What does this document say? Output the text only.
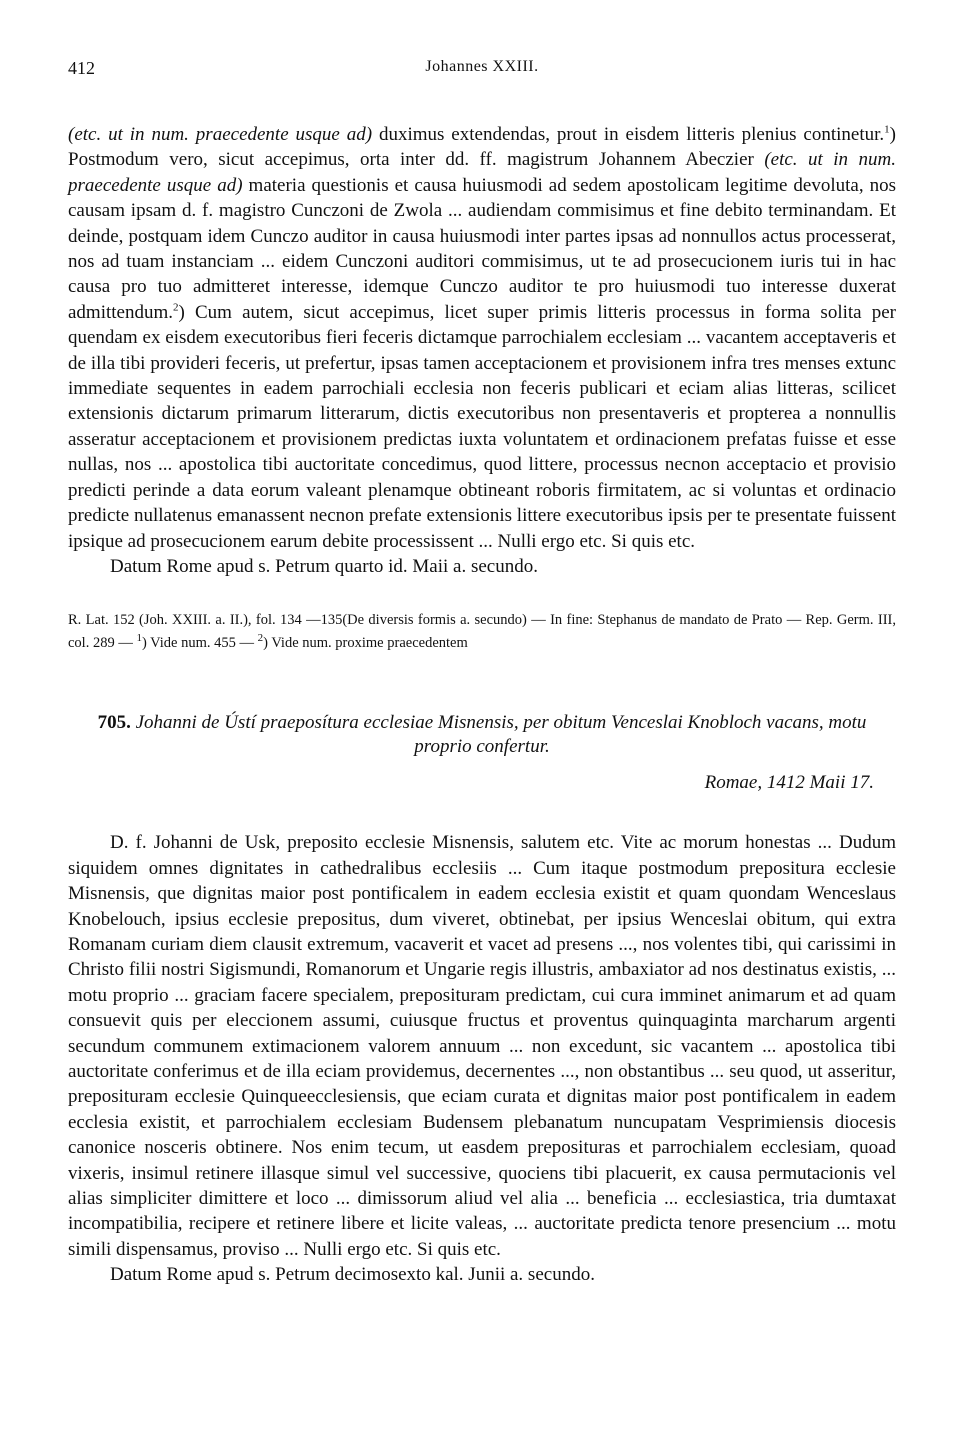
412	Johannes XXIII.

(etc. ut in num. praecedente usque ad) duximus extendendas, prout in eisdem litteris plenius continetur.$^1$) Postmodum vero, sicut accepimus, orta inter dd. ff. magistrum Johannem Abeczier (etc. ut in num. praecedente usque ad) materia questionis et causa huiusmodi ad sedem apostolicam legitime devoluta, nos causam ipsam d. f. magistro Cunczoni de Zwola ... audiendam commisimus et fine debito terminandam. Et deinde, postquam idem Cunczo auditor in causa huiusmodi inter partes ipsas ad nonnullos actus processerat, nos ad tuam instanciam ... eidem Cunczoni auditori commisimus, ut te ad prosecucionem iuris tui in hac causa pro tuo admitteret interesse, idemque Cunczo auditor te pro huiusmodi tuo interesse duxerat admittendum.$^2$) Cum autem, sicut accepimus, licet super primis litteris processus in forma solita per quendam ex eisdem executoribus fieri feceris dictamque parrochialem ecclesiam ... vacantem acceptaveris et de illa tibi provideri feceris, ut prefertur, ipsas tamen acceptacionem et provisionem infra tres menses extunc immediate sequentes in eadem parrochiali ecclesia non feceris publicari et eciam alias litteras, scilicet extensionis dictarum primarum litterarum, dictis executoribus non presentaveris et propterea a nonnullis asseratur acceptacionem et provisionem predictas iuxta voluntatem et ordinacionem prefatas fuisse et esse nullas, nos ... apostolica tibi auctoritate concedimus, quod littere, processus necnon acceptacio et provisio predicti perinde a data eorum valeant plenamque obtineant roboris firmitatem, ac si voluntas et ordinacio predicte nullatenus emanassent necnon prefate extensionis littere executoribus ipsis per te presentate fuissent ipsique ad prosecucionem earum debite processissent ... Nulli ergo etc. Si quis etc.

Datum Rome apud s. Petrum quarto id. Maii a. secundo.

R. Lat. 152 (Joh. XXIII. a. II.), fol. 134 —135(De diversis formis a. secundo) — In fine: Stephanus de mandato de Prato — Rep. Germ. III, col. 289 — $^1$) Vide num. 455 — $^2$) Vide num. proxime praecedentem
705. Johanni de Ústí praeposítura ecclesiae Misnensis, per obitum Venceslai Knobloch vacans, motu proprio confertur.
Romae, 1412 Maii 17.

D. f. Johanni de Usk, preposito ecclesie Misnensis, salutem etc. Vite ac morum honestas ... Dudum siquidem omnes dignitates in cathedralibus ecclesiis ... Cum itaque postmodum prepositura ecclesie Misnensis, que dignitas maior post pontificalem in eadem ecclesia existit et quam quondam Wenceslaus Knobelouch, ipsius ecclesie prepositus, dum viveret, obtinebat, per ipsius Wenceslai obitum, qui extra Romanam curiam diem clausit extremum, vacaverit et vacet ad presens ..., nos volentes tibi, qui carissimi in Christo filii nostri Sigismundi, Romanorum et Ungarie regis illustris, ambaxiator ad nos destinatus existis, ... motu proprio ... graciam facere specialem, preposituram predictam, cui cura imminet animarum et ad quam consuevit quis per eleccionem assumi, cuiusque fructus et proventus quinquaginta marcharum argenti secundum communem extimacionem valorem annuum ... non excedunt, sic vacantem ... apostolica tibi auctoritate conferimus et de illa eciam providemus, decernentes ..., non obstantibus ... seu quod, ut asseritur, preposituram ecclesie Quinqueecclesiensis, que eciam curata et dignitas maior post pontificalem in eadem ecclesia existit, et parrochialem ecclesiam Budensem plebanatum nuncupatam Vesprimiensis diocesis canonice nosceris obtinere. Nos enim tecum, ut easdem preposituras et parrochialem ecclesiam, quoad vixeris, insimul retinere illasque simul vel successive, quociens tibi placuerit, ex causa permutacionis vel alias simpliciter dimittere et loco ... dimissorum aliud vel alia ... beneficia ... ecclesiastica, tria dumtaxat incompatibilia, recipere et retinere libere et licite valeas, ... auctoritate predicta tenore presencium ... motu simili dispensamus, proviso ... Nulli ergo etc. Si quis etc.

Datum Rome apud s. Petrum decimosexto kal. Junii a. secundo.
